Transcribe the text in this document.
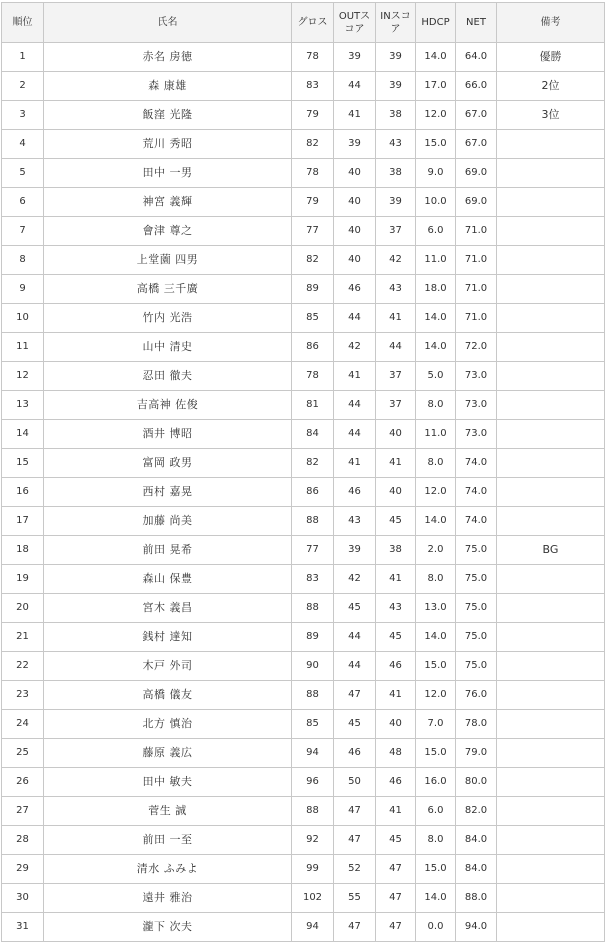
順位	氏名	グロス	OUTスコア	INスコア	HDCP	NET	備考
1	赤名 房徳	78	39	39	14.0	64.0	優勝
2	森 康雄	83	44	39	17.0	66.0	2位
3	飯窪 光隆	79	41	38	12.0	67.0	3位
4	荒川 秀昭	82	39	43	15.0	67.0	
5	田中 一男	78	40	38	9.0	69.0	
6	神宮 義輝	79	40	39	10.0	69.0	
7	會津 尊之	77	40	37	6.0	71.0	
8	上堂薗 四男	82	40	42	11.0	71.0	
9	高橋 三千廣	89	46	43	18.0	71.0	
10	竹内 光浩	85	44	41	14.0	71.0	
11	山中 清史	86	42	44	14.0	72.0	
12	忍田 徹夫	78	41	37	5.0	73.0	
13	吉高神 佐俊	81	44	37	8.0	73.0	
14	酒井 博昭	84	44	40	11.0	73.0	
15	富岡 政男	82	41	41	8.0	74.0	
16	西村 嘉晃	86	46	40	12.0	74.0	
17	加藤 尚美	88	43	45	14.0	74.0	
18	前田 晃希	77	39	38	2.0	75.0	BG
19	森山 保豊	83	42	41	8.0	75.0	
20	宮木 義昌	88	45	43	13.0	75.0	
21	銭村 達知	89	44	45	14.0	75.0	
22	木戸 外司	90	44	46	15.0	75.0	
23	高橋 儀友	88	47	41	12.0	76.0	
24	北方 慎治	85	45	40	7.0	78.0	
25	藤原 義広	94	46	48	15.0	79.0	
26	田中 敏夫	96	50	46	16.0	80.0	
27	菅生 誠	88	47	41	6.0	82.0	
28	前田 一至	92	47	45	8.0	84.0	
29	清水 ふみよ	99	52	47	15.0	84.0	
30	遠井 雅治	102	55	47	14.0	88.0	
31	瀧下 次夫	94	47	47	0.0	94.0	
